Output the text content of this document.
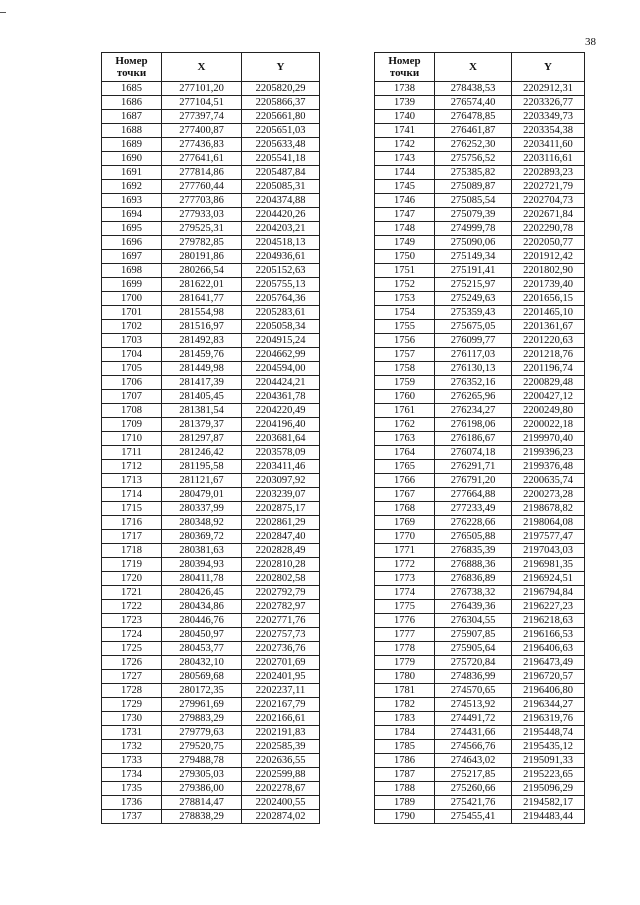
38
Номер точки	X	Y
1685	277101,20	2205820,29
1686	277104,51	2205866,37
1687	277397,74	2205661,80
1688	277400,87	2205651,03
1689	277436,83	2205633,48
1690	277641,61	2205541,18
1691	277814,86	2205487,84
1692	277760,44	2205085,31
1693	277703,86	2204374,88
1694	277933,03	2204420,26
1695	279525,31	2204203,21
1696	279782,85	2204518,13
1697	280191,86	2204936,61
1698	280266,54	2205152,63
1699	281622,01	2205755,13
1700	281641,77	2205764,36
1701	281554,98	2205283,61
1702	281516,97	2205058,34
1703	281492,83	2204915,24
1704	281459,76	2204662,99
1705	281449,98	2204594,00
1706	281417,39	2204424,21
1707	281405,45	2204361,78
1708	281381,54	2204220,49
1709	281379,37	2204196,40
1710	281297,87	2203681,64
1711	281246,42	2203578,09
1712	281195,58	2203411,46
1713	281121,67	2203097,92
1714	280479,01	2203239,07
1715	280337,99	2202875,17
1716	280348,92	2202861,29
1717	280369,72	2202847,40
1718	280381,63	2202828,49
1719	280394,93	2202810,28
1720	280411,78	2202802,58
1721	280426,45	2202792,79
1722	280434,86	2202782,97
1723	280446,76	2202771,76
1724	280450,97	2202757,73
1725	280453,77	2202736,76
1726	280432,10	2202701,69
1727	280569,68	2202401,95
1728	280172,35	2202237,11
1729	279961,69	2202167,79
1730	279883,29	2202166,61
1731	279779,63	2202191,83
1732	279520,75	2202585,39
1733	279488,78	2202636,55
1734	279305,03	2202599,88
1735	279386,00	2202278,67
1736	278814,47	2202400,55
1737	278838,29	2202874,02
Номер точки	X	Y
1738	278438,53	2202912,31
1739	276574,40	2203326,77
1740	276478,85	2203349,73
1741	276461,87	2203354,38
1742	276252,30	2203411,60
1743	275756,52	2203116,61
1744	275385,82	2202893,23
1745	275089,87	2202721,79
1746	275085,54	2202704,73
1747	275079,39	2202671,84
1748	274999,78	2202290,78
1749	275090,06	2202050,77
1750	275149,34	2201912,42
1751	275191,41	2201802,90
1752	275215,97	2201739,40
1753	275249,63	2201656,15
1754	275359,43	2201465,10
1755	275675,05	2201361,67
1756	276099,77	2201220,63
1757	276117,03	2201218,76
1758	276130,13	2201196,74
1759	276352,16	2200829,48
1760	276265,96	2200427,12
1761	276234,27	2200249,80
1762	276198,06	2200022,18
1763	276186,67	2199970,40
1764	276074,18	2199396,23
1765	276291,71	2199376,48
1766	276791,20	2200635,74
1767	277664,88	2200273,28
1768	277233,49	2198678,82
1769	276228,66	2198064,08
1770	276505,88	2197577,47
1771	276835,39	2197043,03
1772	276888,36	2196981,35
1773	276836,89	2196924,51
1774	276738,32	2196794,84
1775	276439,36	2196227,23
1776	276304,55	2196218,63
1777	275907,85	2196166,53
1778	275905,64	2196406,63
1779	275720,84	2196473,49
1780	274836,99	2196720,57
1781	274570,65	2196406,80
1782	274513,92	2196344,27
1783	274491,72	2196319,76
1784	274431,66	2195448,74
1785	274566,76	2195435,12
1786	274643,02	2195091,33
1787	275217,85	2195223,65
1788	275260,66	2195096,29
1789	275421,76	2194582,17
1790	275455,41	2194483,44
